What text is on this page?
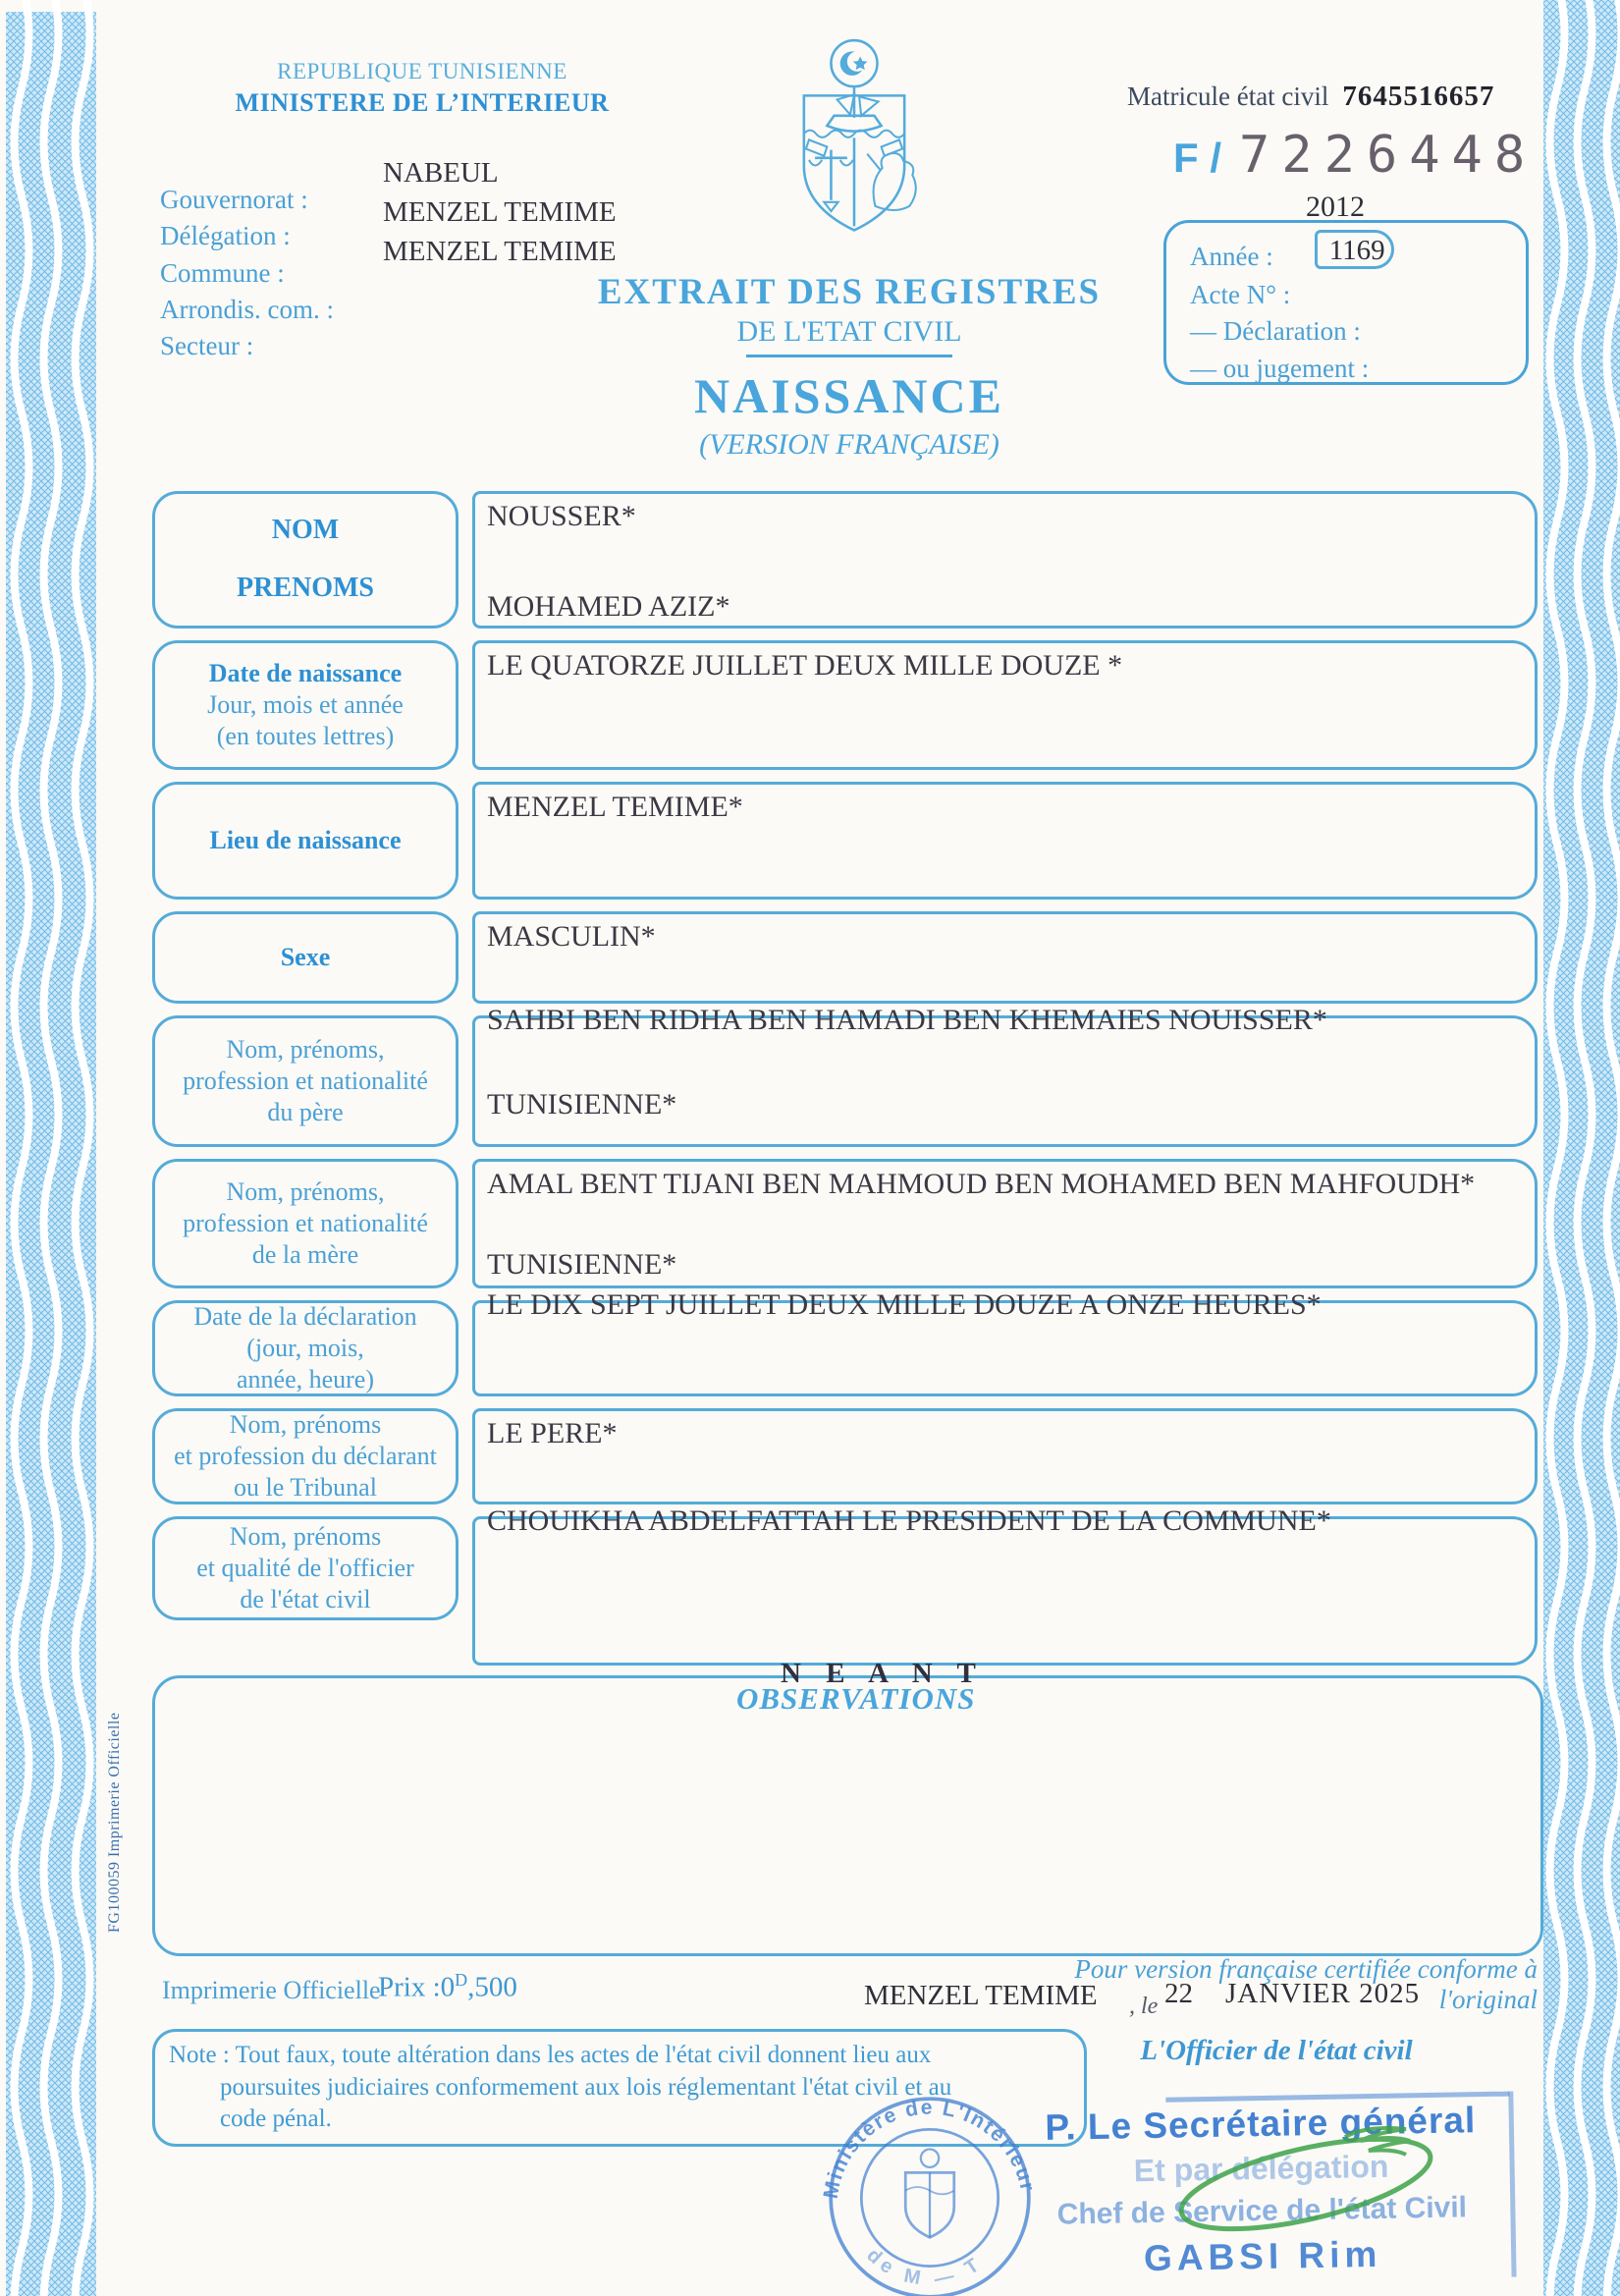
REPUBLIQUE TUNISIENNE
MINISTERE DE L’INTERIEUR
Gouvernorat :
Délégation :
Commune :
Arrondis. com. :
Secteur :
NABEUL
MENZEL TEMIME
MENZEL TEMIME
Matricule état civil 7645516657
F / 7226448
2012
Année : 1169
Acte N° :
— Déclaration :
— ou jugement :
EXTRAIT DES REGISTRES
DE L'ETAT CIVIL
NAISSANCE
(VERSION FRANÇAISE)
NOM
PRENOMS
NOUSSER*
MOHAMED AZIZ*
Date de naissance
Jour, mois et année
(en toutes lettres)
LE QUATORZE JUILLET DEUX MILLE DOUZE *
Lieu de naissance
MENZEL TEMIME*
Sexe
MASCULIN*
Nom, prénoms,
profession et nationalité
du père
SAHBI BEN RIDHA BEN HAMADI BEN KHEMAIES NOUISSER*
TUNISIENNE*
Nom, prénoms,
profession et nationalité
de la mère
AMAL BENT TIJANI BEN MAHMOUD BEN MOHAMED BEN MAHFOUDH*
TUNISIENNE*
Date de la déclaration
(jour, mois,
année, heure)
LE DIX SEPT JUILLET DEUX MILLE DOUZE A ONZE HEURES*
Nom, prénoms
et profession du déclarant
ou le Tribunal
LE PERE*
Nom, prénoms
et qualité de l'officier
de l'état civil
CHOUIKHA ABDELFATTAH LE PRESIDENT DE LA COMMUNE*
N E A N T
OBSERVATIONS
Pour version française certifiée conforme à l'original
Imprimerie Officielle
Prix $:0^D,500$	MENZEL TEMIME , le 22 JANVIER 2025
L'Officier de l'état civil
Note : Tout faux, toute altération dans les actes de l'état civil donnent lieu aux
poursuites judiciaires conformement aux lois réglementant l'état civil et au
code pénal.
FG100059 Imprimerie Officielle
Ministère de L'Intérieur
de M — T
P. Le Secrétaire général
Et par délégation
Chef de Service de l'état Civil
GABSI Rim
